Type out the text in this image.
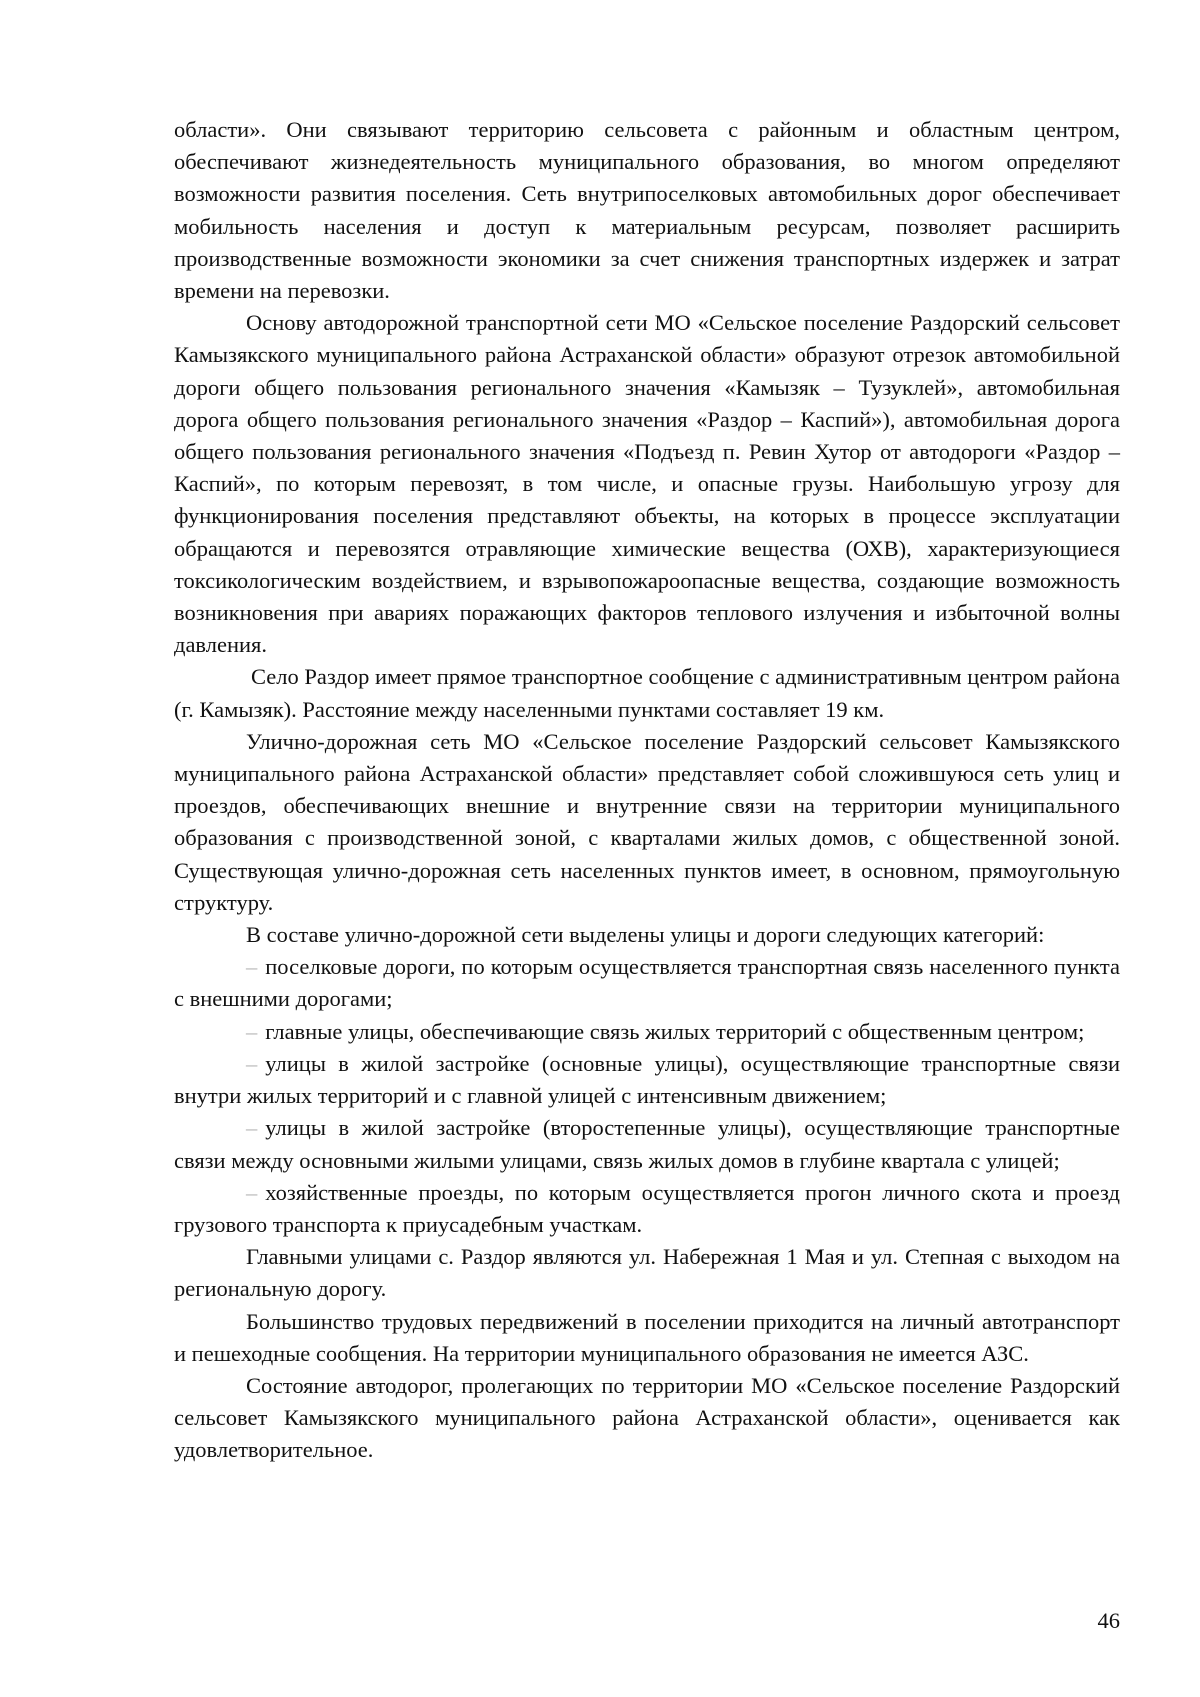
области». Они связывают территорию сельсовета с районным и областным центром, обеспечивают жизнедеятельность муниципального образования, во многом определяют возможности развития поселения. Сеть внутрипоселковых автомобильных дорог обеспечивает мобильность населения и доступ к материальным ресурсам, позволяет расширить производственные возможности экономики за счет снижения транспортных издержек и затрат времени на перевозки.

Основу автодорожной транспортной сети МО «Сельское поселение Раздорский сельсовет Камызякского муниципального района Астраханской области» образуют отрезок автомобильной дороги общего пользования регионального значения «Камызяк – Тузуклей», автомобильная дорога общего пользования регионального значения «Раздор – Каспий»), автомобильная дорога общего пользования регионального значения «Подъезд п. Ревин Хутор от автодороги «Раздор – Каспий», по которым перевозят, в том числе, и опасные грузы. Наибольшую угрозу для функционирования поселения представляют объекты, на которых в процессе эксплуатации обращаются и перевозятся отравляющие химические вещества (ОХВ), характеризующиеся токсикологическим воздействием, и взрывопожароопасные вещества, создающие возможность возникновения при авариях поражающих факторов теплового излучения и избыточной волны давления.

Село Раздор имеет прямое транспортное сообщение с административным центром района (г. Камызяк). Расстояние между населенными пунктами составляет 19 км.

Улично-дорожная сеть МО «Сельское поселение Раздорский сельсовет Камызякского муниципального района Астраханской области» представляет собой сложившуюся сеть улиц и проездов, обеспечивающих внешние и внутренние связи на территории муниципального образования с производственной зоной, с кварталами жилых домов, с общественной зоной. Существующая улично-дорожная сеть населенных пунктов имеет, в основном, прямоугольную структуру.

В составе улично-дорожной сети выделены улицы и дороги следующих категорий:

– поселковые дороги, по которым осуществляется транспортная связь населенного пункта с внешними дорогами;

– главные улицы, обеспечивающие связь жилых территорий с общественным центром;

– улицы в жилой застройке (основные улицы), осуществляющие транспортные связи внутри жилых территорий и с главной улицей с интенсивным движением;

– улицы в жилой застройке (второстепенные улицы), осуществляющие транспортные связи между основными жилыми улицами, связь жилых домов в глубине квартала с улицей;

– хозяйственные проезды, по которым осуществляется прогон личного скота и проезд грузового транспорта к приусадебным участкам.

Главными улицами с. Раздор являются ул. Набережная 1 Мая и ул. Степная с выходом на региональную дорогу.

Большинство трудовых передвижений в поселении приходится на личный автотранспорт и пешеходные сообщения. На территории муниципального образования не имеется АЗС.

Состояние автодорог, пролегающих по территории МО «Сельское поселение Раздорский сельсовет Камызякского муниципального района Астраханской области», оценивается как удовлетворительное.

46
